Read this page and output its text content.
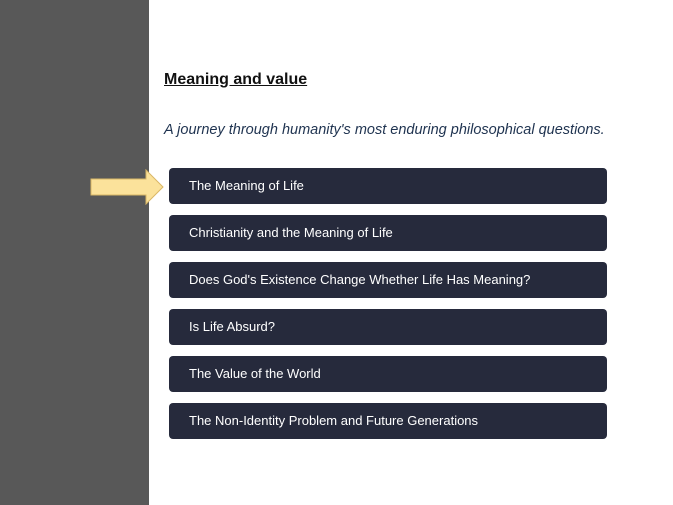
Meaning and value

A journey through humanity's most enduring philosophical questions.

The Meaning of Life
Christianity and the Meaning of Life
Does God's Existence Change Whether Life Has Meaning?
Is Life Absurd?
The Value of the World
The Non-Identity Problem and Future Generations
